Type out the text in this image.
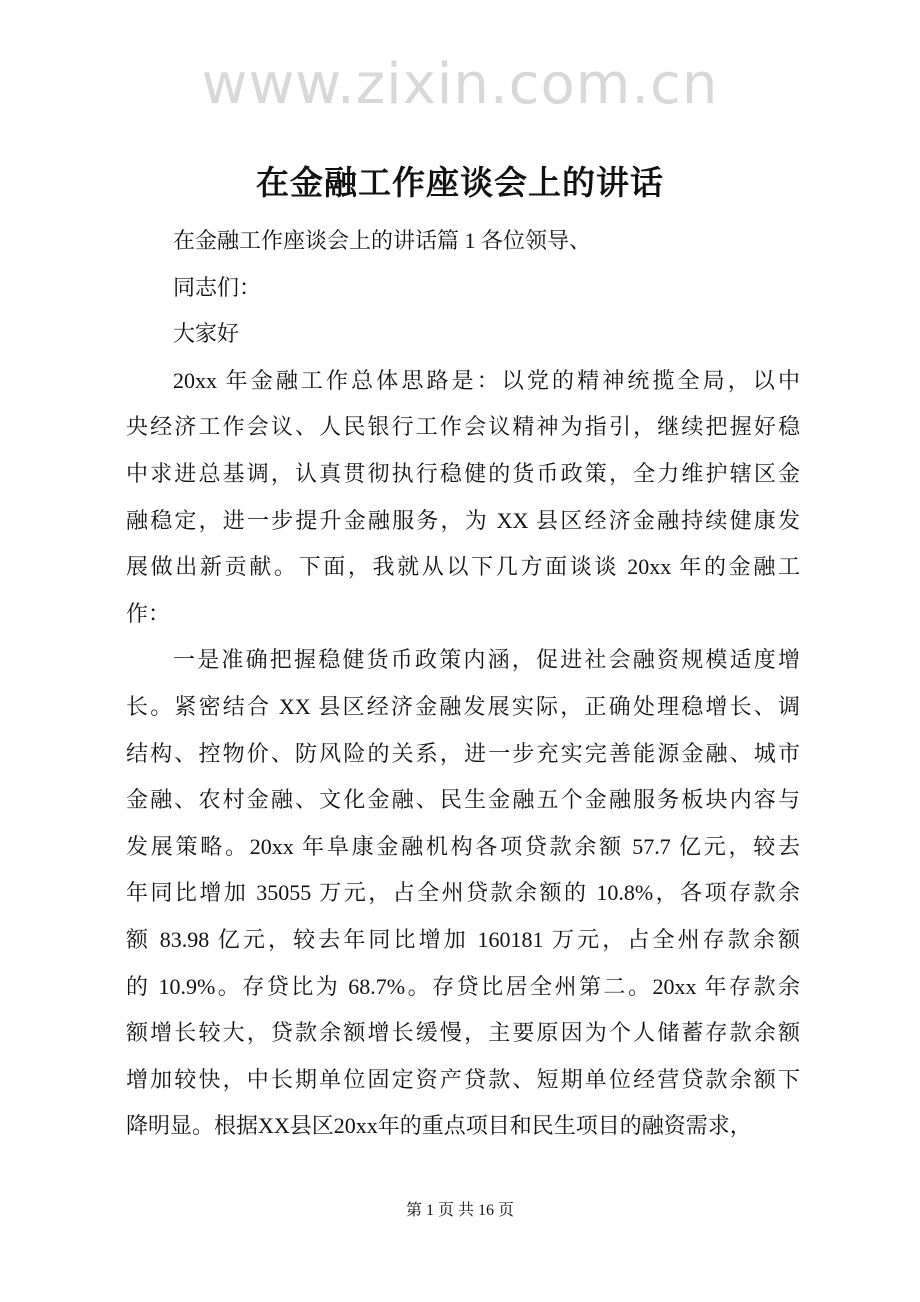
www.zixin.com.cn
在金融工作座谈会上的讲话
在金融工作座谈会上的讲话篇 1 各位领导、
同志们：
大家好
20xx 年金融工作总体思路是：以党的精神统揽全局，以中
央经济工作会议、人民银行工作会议精神为指引，继续把握好稳
中求进总基调，认真贯彻执行稳健的货币政策，全力维护辖区金
融稳定，进一步提升金融服务，为 XX 县区经济金融持续健康发
展做出新贡献。下面，我就从以下几方面谈谈 20xx 年的金融工
作：
一是准确把握稳健货币政策内涵，促进社会融资规模适度增
长。紧密结合 XX 县区经济金融发展实际，正确处理稳增长、调
结构、控物价、防风险的关系，进一步充实完善能源金融、城市
金融、农村金融、文化金融、民生金融五个金融服务板块内容与
发展策略。20xx 年阜康金融机构各项贷款余额 57.7 亿元，较去
年同比增加 35055 万元，占全州贷款余额的 10.8%，各项存款余
额 83.98 亿元，较去年同比增加 160181 万元，占全州存款余额
的 10.9%。存贷比为 68.7%。存贷比居全州第二。20xx 年存款余
额增长较大，贷款余额增长缓慢，主要原因为个人储蓄存款余额
增加较快，中长期单位固定资产贷款、短期单位经营贷款余额下
降明显。根据XX县区20xx年的重点项目和民生项目的融资需求，
第 1 页 共 16 页
